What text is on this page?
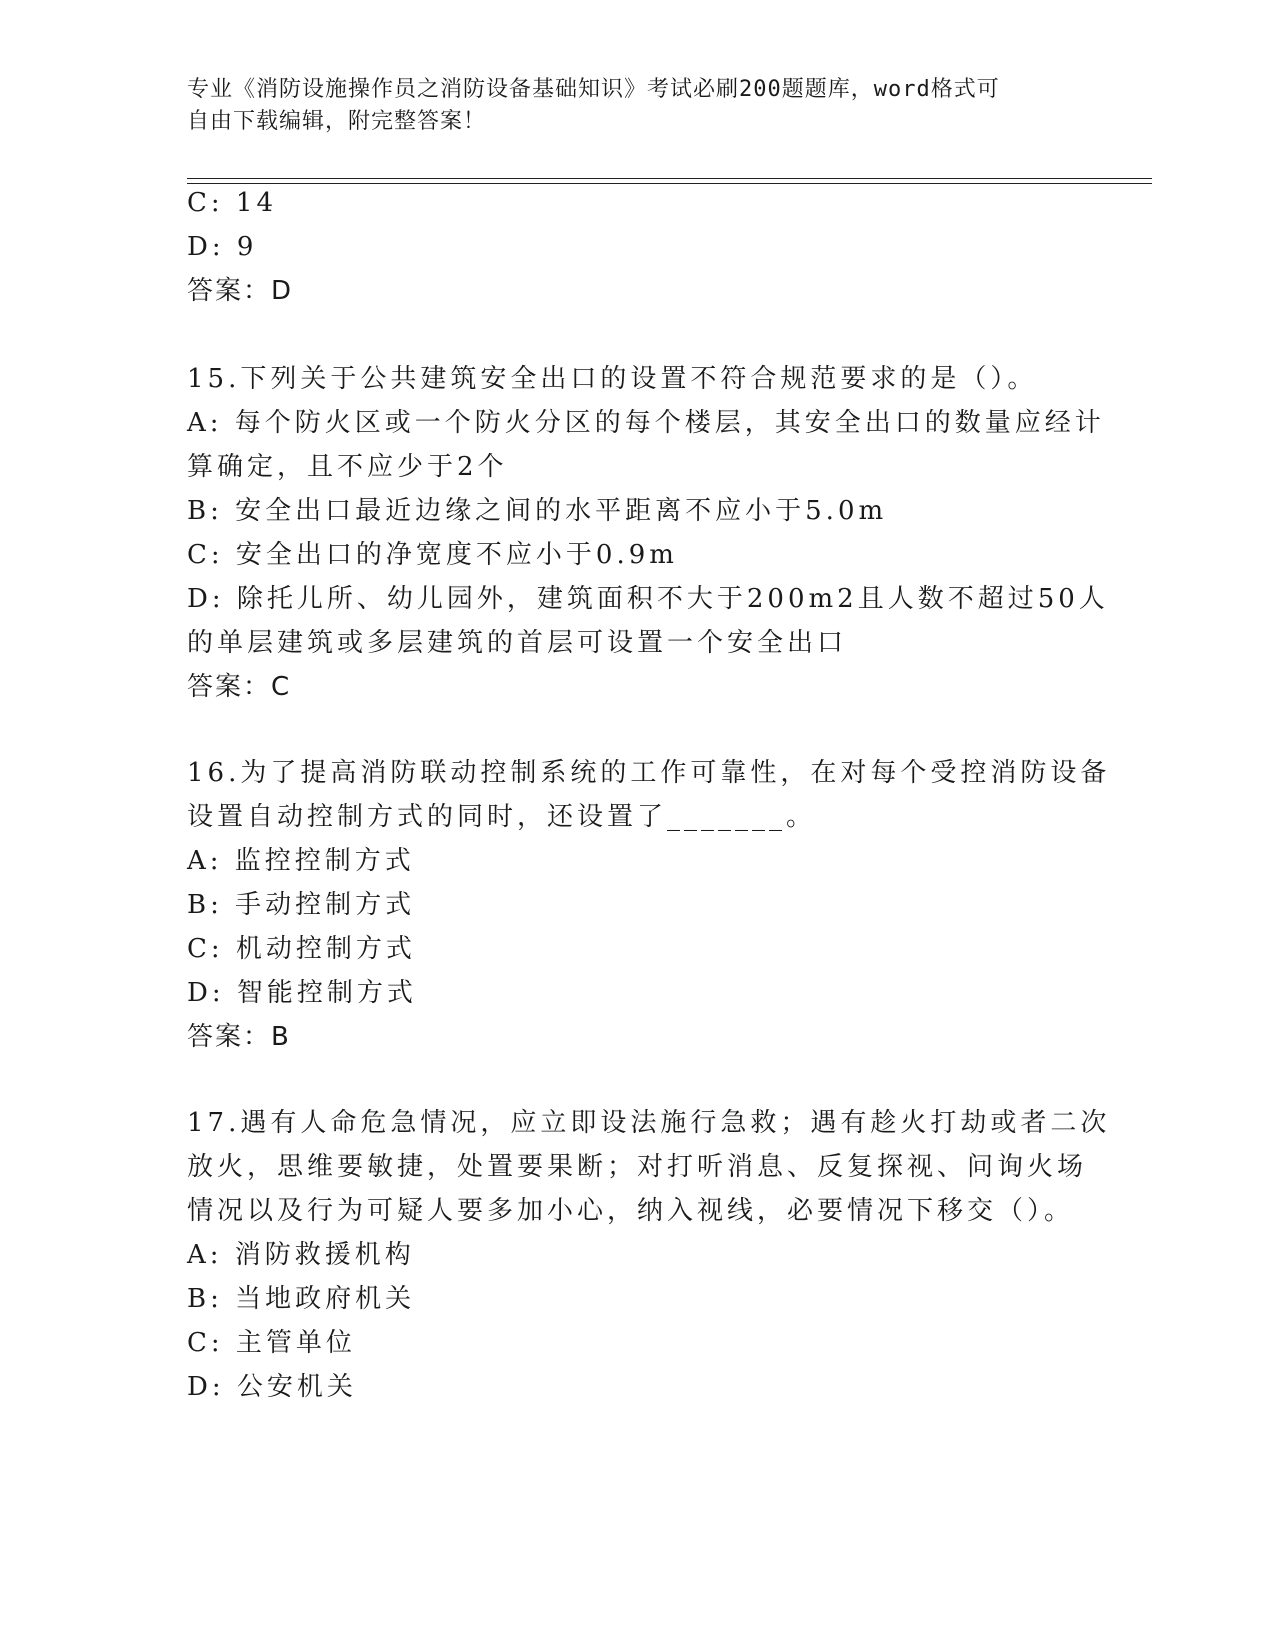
专业《消防设施操作员之消防设备基础知识》考试必刷200题题库，word格式可
自由下载编辑，附完整答案！
C: 14
D: 9
答案：D
15.下列关于公共建筑安全出口的设置不符合规范要求的是（）。
A: 每个防火区或一个防火分区的每个楼层，其安全出口的数量应经计
算确定，且不应少于2个
B: 安全出口最近边缘之间的水平距离不应小于5.0m
C: 安全出口的净宽度不应小于0.9m
D: 除托儿所、幼儿园外，建筑面积不大于200m2且人数不超过50人
的单层建筑或多层建筑的首层可设置一个安全出口
答案：C
16.为了提高消防联动控制系统的工作可靠性，在对每个受控消防设备
设置自动控制方式的同时，还设置了_______。
A: 监控控制方式
B: 手动控制方式
C: 机动控制方式
D: 智能控制方式
答案：B
17.遇有人命危急情况，应立即设法施行急救；遇有趁火打劫或者二次
放火，思维要敏捷，处置要果断；对打听消息、反复探视、问询火场
情况以及行为可疑人要多加小心，纳入视线，必要情况下移交（）。
A: 消防救援机构
B: 当地政府机关
C: 主管单位
D: 公安机关
